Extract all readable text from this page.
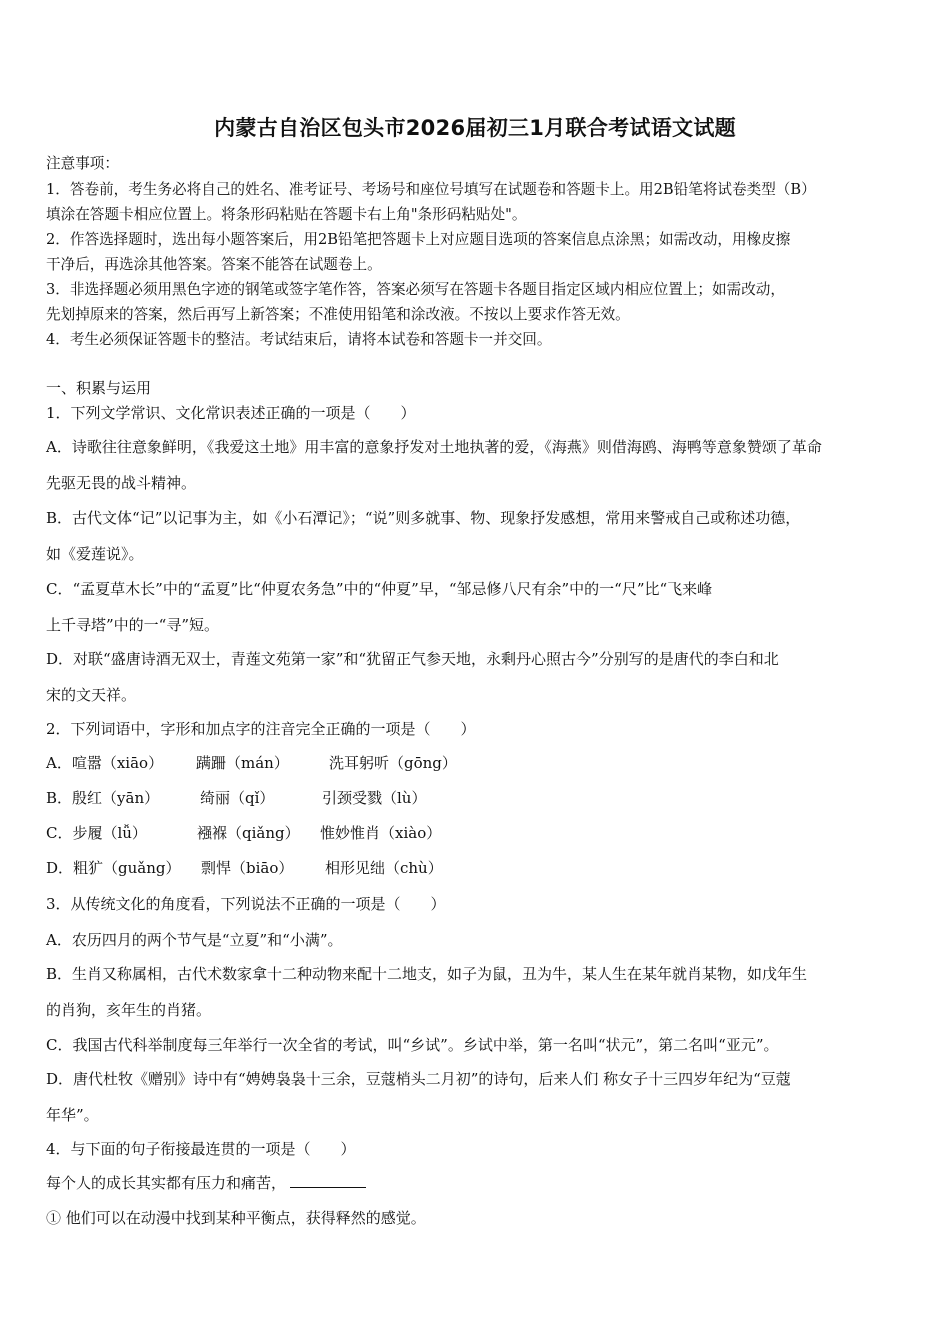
内蒙古自治区包头市2026届初三1月联合考试语文试题
注意事项：
1．答卷前，考生务必将自己的姓名、准考证号、考场号和座位号填写在试题卷和答题卡上。用2B铅笔将试卷类型（B）
填涂在答题卡相应位置上。将条形码粘贴在答题卡右上角"条形码粘贴处"。
2．作答选择题时，选出每小题答案后，用2B铅笔把答题卡上对应题目选项的答案信息点涂黑；如需改动，用橡皮擦
干净后，再选涂其他答案。答案不能答在试题卷上。
3．非选择题必须用黑色字迹的钢笔或签字笔作答，答案必须写在答题卡各题目指定区域内相应位置上；如需改动，
先划掉原来的答案，然后再写上新答案；不准使用铅笔和涂改液。不按以上要求作答无效。
4．考生必须保证答题卡的整洁。考试结束后，请将本试卷和答题卡一并交回。
一、积累与运用
1．下列文学常识、文化常识表述正确的一项是（　　）
A．诗歌往往意象鲜明，《我爱这土地》用丰富的意象抒发对土地执著的爱，《海燕》则借海鸥、海鸭等意象赞颂了革命
先驱无畏的战斗精神。
B．古代文体“记”以记事为主，如《小石潭记》；“说”则多就事、物、现象抒发感想，常用来警戒自己或称述功德，
如《爱莲说》。
C．“孟夏草木长”中的“孟夏”比“仲夏农务急”中的“仲夏”早，“邹忌修八尺有余”中的一“尺”比“飞来峰
上千寻塔”中的一“寻”短。
D．对联“盛唐诗酒无双士，青莲文苑第一家”和“犹留正气参天地，永剩丹心照古今”分别写的是唐代的李白和北
宋的文天祥。
2．下列词语中，字形和加点字的注音完全正确的一项是（　　）
A．喧嚣（xiāo） 蹒跚（mán）	洗耳躬听（gōng）
B．殷红（yān）	绮丽（qǐ）	引颈受戮（lù）
C．步履（lǚ）	襁褓（qiǎng） 惟妙惟肖（xiào）
D．粗犷（guǎng） 剽悍（biāo） 相形见绌（chù）
3．从传统文化的角度看，下列说法不正确的一项是（　　）
A．农历四月的两个节气是“立夏”和“小满”。
B．生肖又称属相，古代术数家拿十二种动物来配十二地支，如子为鼠，丑为牛，某人生在某年就肖某物，如戊年生
的肖狗，亥年生的肖猪。
C．我国古代科举制度每三年举行一次全省的考试，叫“乡试”。乡试中举，第一名叫“状元”，第二名叫“亚元”。
D．唐代杜牧《赠别》诗中有“娉娉袅袅十三余，豆蔻梢头二月初”的诗句，后来人们 称女子十三四岁年纪为“豆蔻
年华”。
4．与下面的句子衔接最连贯的一项是（　　）
每个人的成长其实都有压力和痛苦，
① 他们可以在动漫中找到某种平衡点，获得释然的感觉。
